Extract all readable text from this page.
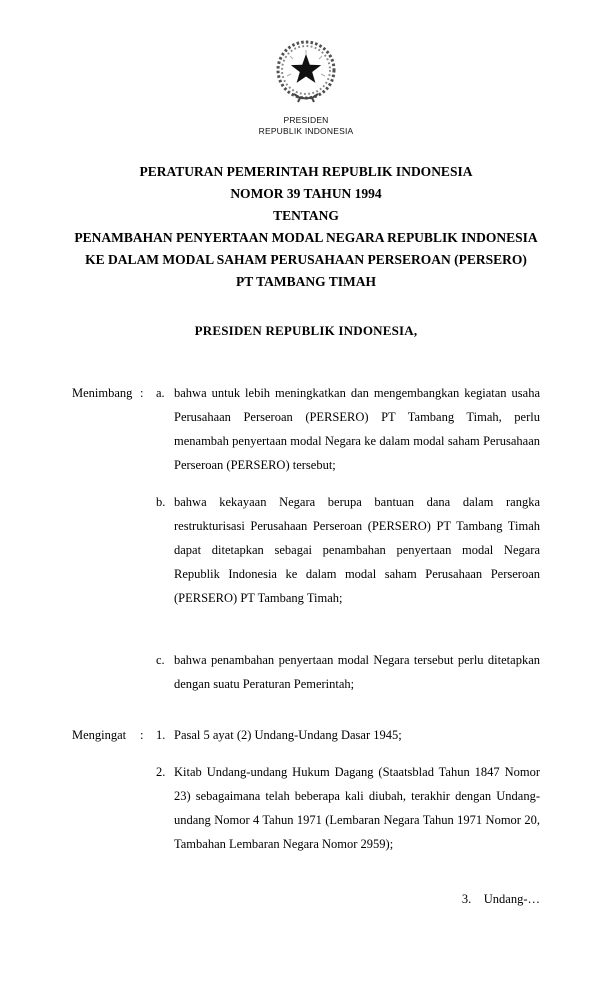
PRESIDEN
REPUBLIK INDONESIA
PERATURAN PEMERINTAH REPUBLIK INDONESIA
NOMOR 39 TAHUN 1994
TENTANG
PENAMBAHAN PENYERTAAN MODAL NEGARA REPUBLIK INDONESIA
KE DALAM MODAL SAHAM PERUSAHAAN PERSEROAN (PERSERO)
PT TAMBANG TIMAH
PRESIDEN REPUBLIK INDONESIA,
Menimbang :	a. bahwa untuk lebih meningkatkan dan mengembangkan kegiatan usaha Perusahaan Perseroan (PERSERO) PT Tambang Timah, perlu menambah penyertaan modal Negara ke dalam modal saham Perusahaan Perseroan (PERSERO) tersebut;
b. bahwa kekayaan Negara berupa bantuan dana dalam rangka restrukturisasi Perusahaan Perseroan (PERSERO) PT Tambang Timah dapat ditetapkan sebagai penambahan penyertaan modal Negara Republik Indonesia ke dalam modal saham Perusahaan Perseroan (PERSERO) PT Tambang Timah;
c. bahwa penambahan penyertaan modal Negara tersebut perlu ditetapkan dengan suatu Peraturan Pemerintah;
Mengingat	:	1. Pasal 5 ayat (2) Undang-Undang Dasar 1945;
2. Kitab Undang-undang Hukum Dagang (Staatsblad Tahun 1847 Nomor 23) sebagaimana telah beberapa kali diubah, terakhir dengan Undang-undang Nomor 4 Tahun 1971 (Lembaran Negara Tahun 1971 Nomor 20, Tambahan Lembaran Negara Nomor 2959);
3.    Undang-…
